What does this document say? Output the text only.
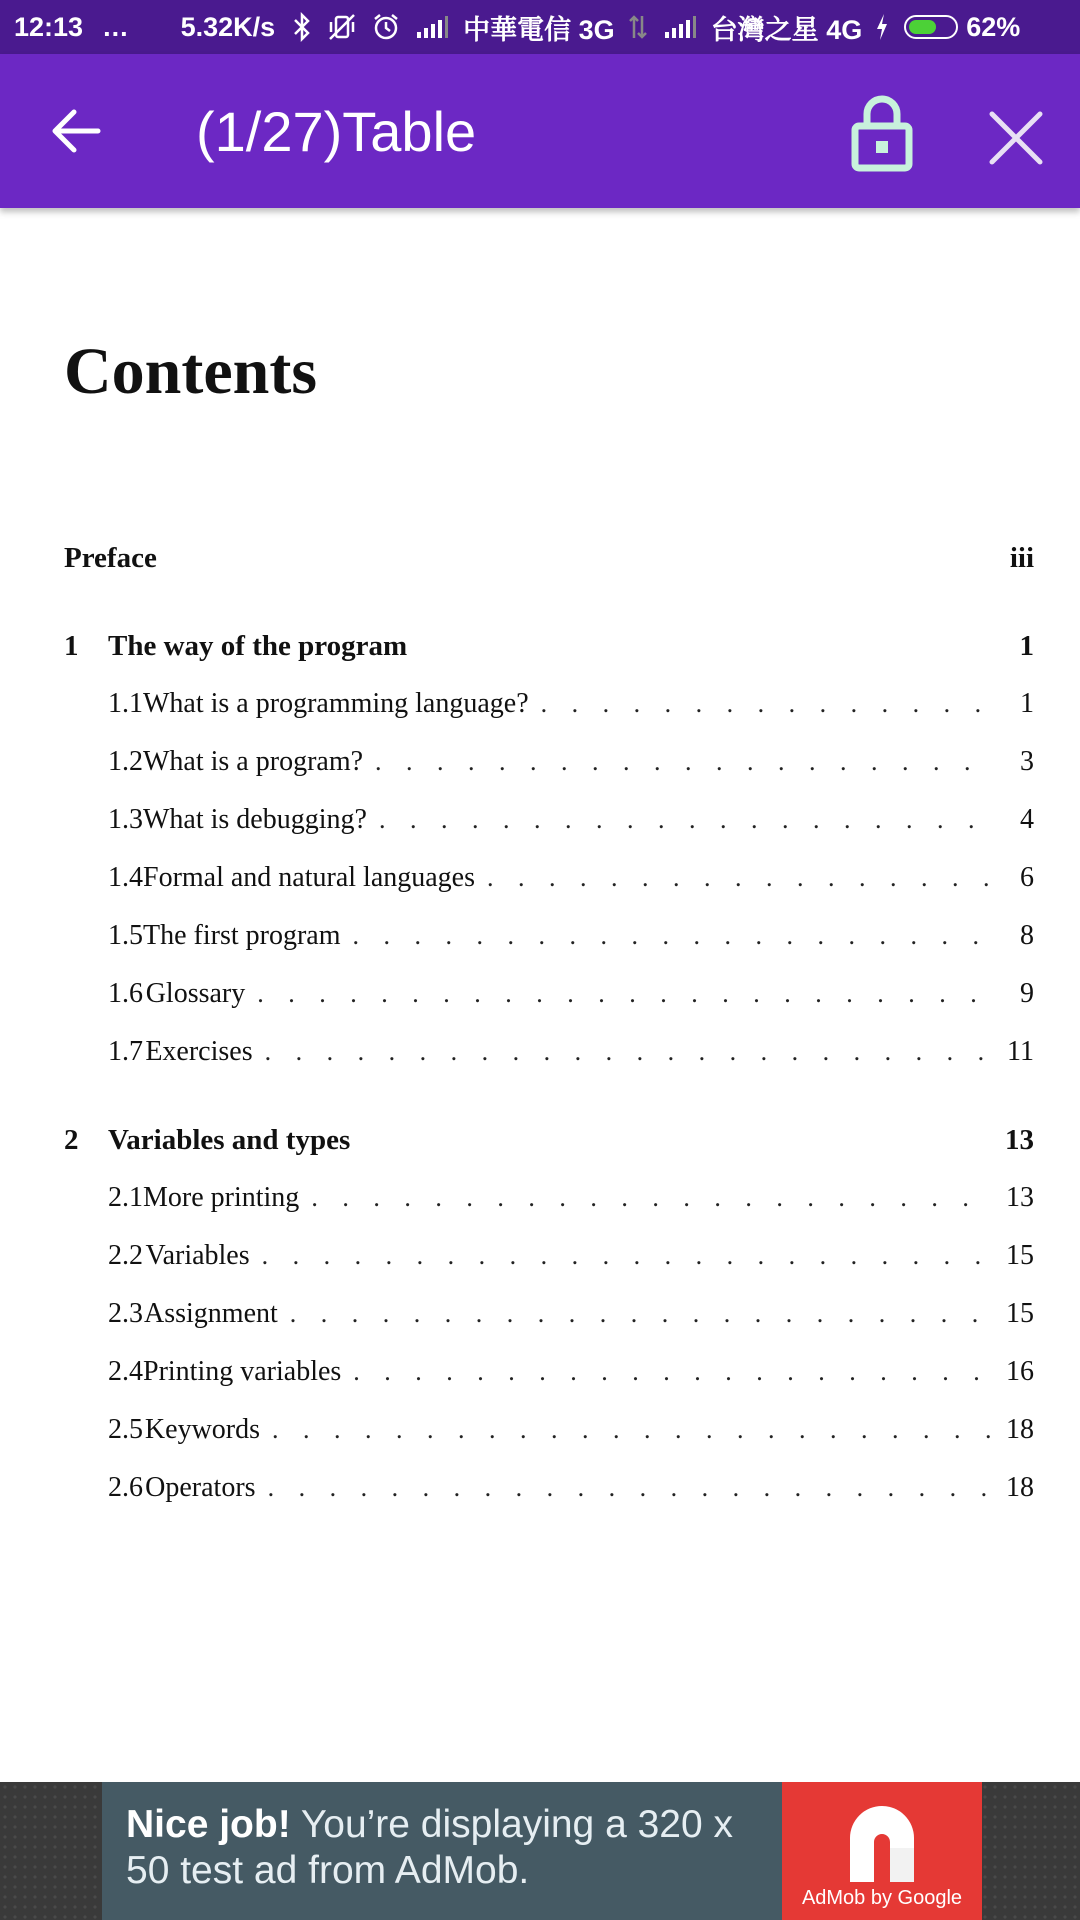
12:13 ... 5.32K/s	中華電信 3G	台灣之星 4G	62%
(1/27)Table
Contents
Preface	iii
1	The way of the program	1
1.1 What is a programming language? . . .	1
1.2 What is a program? . . .	3
1.3 What is debugging? . . .	4
1.4 Formal and natural languages . . .	6
1.5 The first program . . .	8
1.6 Glossary . . .	9
1.7 Exercises . . .	11
2	Variables and types	13
2.1 More printing . . .	13
2.2 Variables . . .	15
2.3 Assignment . . .	15
2.4 Printing variables . . .	16
2.5 Keywords . . .	18
2.6 Operators . . .	18
Nice job! You’re displaying a 320 x 50 test ad from AdMob.
AdMob by Google
